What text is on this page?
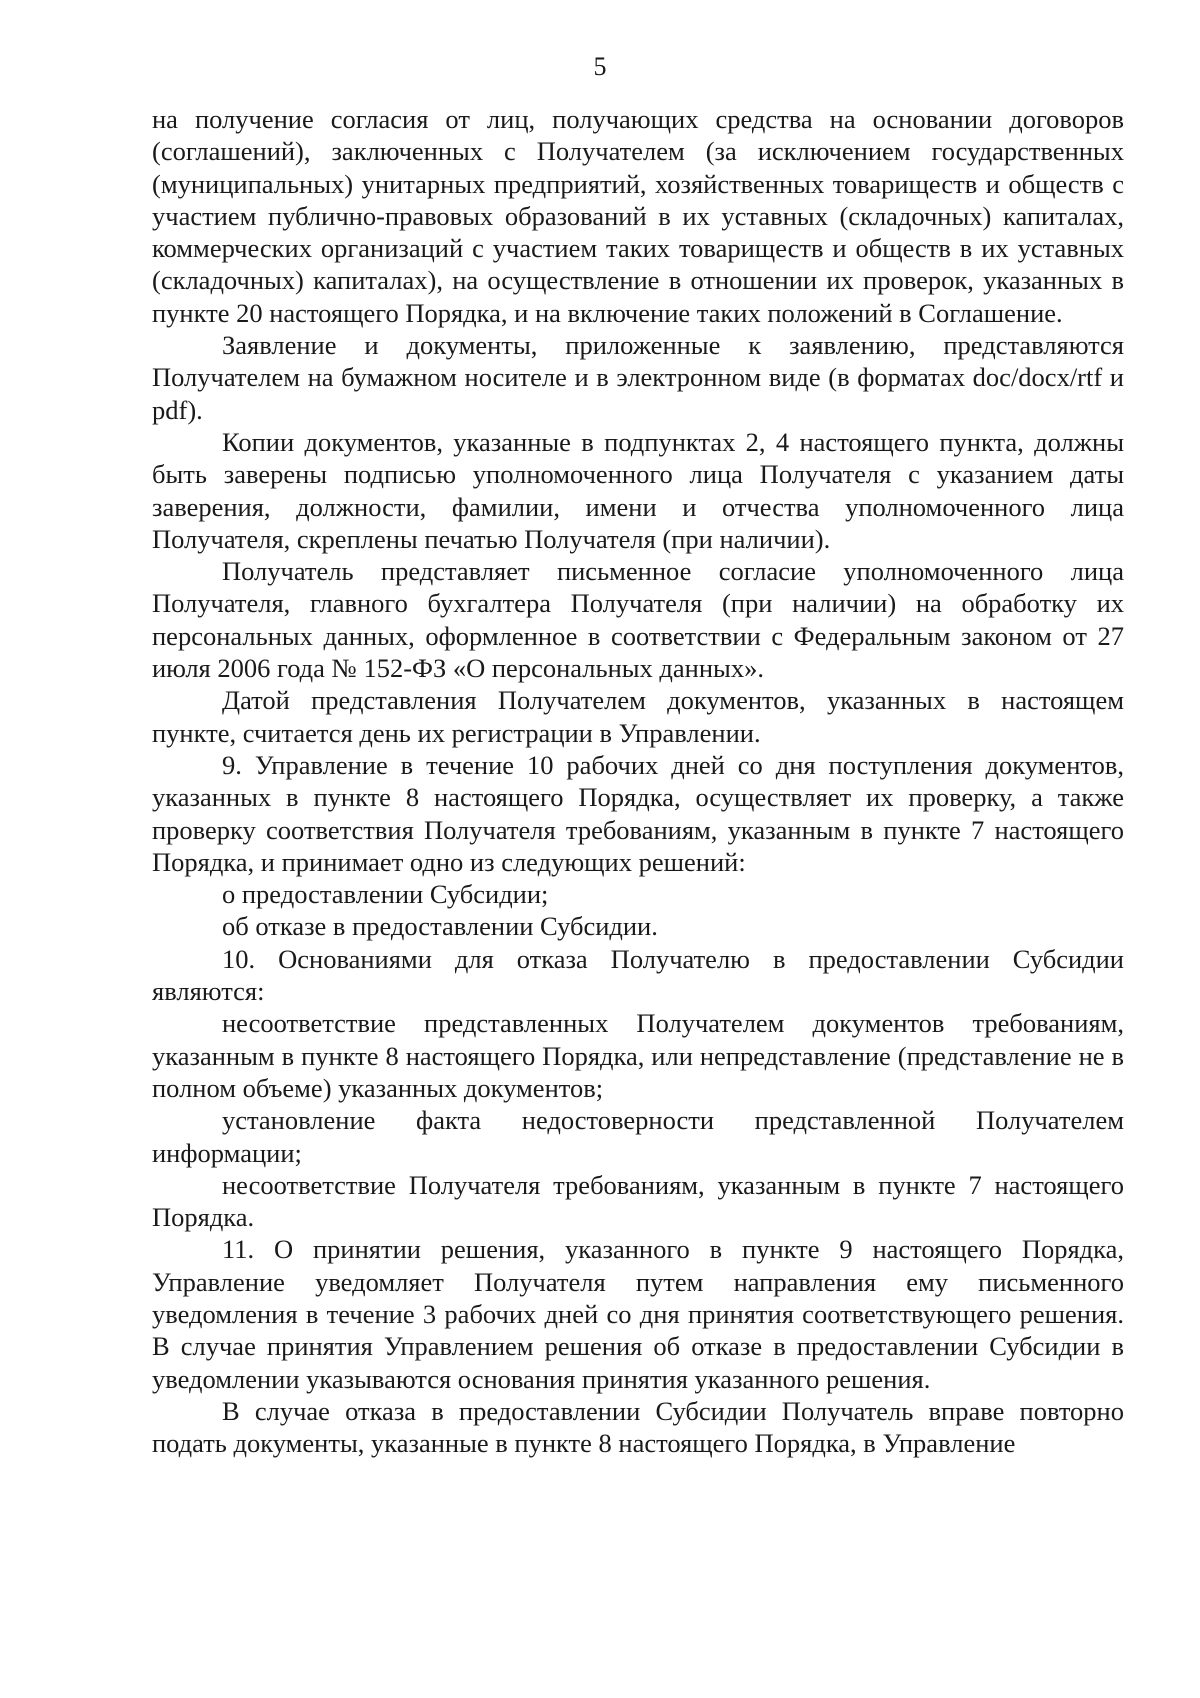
5

на получение согласия от лиц, получающих средства на основании договоров (соглашений), заключенных с Получателем (за исключением государственных (муниципальных) унитарных предприятий, хозяйственных товариществ и обществ с участием публично-правовых образований в их уставных (складочных) капиталах, коммерческих организаций с участием таких товариществ и обществ в их уставных (складочных) капиталах), на осуществление в отношении их проверок, указанных в пункте 20 настоящего Порядка, и на включение таких положений в Соглашение.

Заявление и документы, приложенные к заявлению, представляются Получателем на бумажном носителе и в электронном виде (в форматах doc/docx/rtf и pdf).

Копии документов, указанные в подпунктах 2, 4 настоящего пункта, должны быть заверены подписью уполномоченного лица Получателя с указанием даты заверения, должности, фамилии, имени и отчества уполномоченного лица Получателя, скреплены печатью Получателя (при наличии).

Получатель представляет письменное согласие уполномоченного лица Получателя, главного бухгалтера Получателя (при наличии) на обработку их персональных данных, оформленное в соответствии с Федеральным законом от 27 июля 2006 года № 152-ФЗ «О персональных данных».

Датой представления Получателем документов, указанных в настоящем пункте, считается день их регистрации в Управлении.

9. Управление в течение 10 рабочих дней со дня поступления документов, указанных в пункте 8 настоящего Порядка, осуществляет их проверку, а также проверку соответствия Получателя требованиям, указанным в пункте 7 настоящего Порядка, и принимает одно из следующих решений:

о предоставлении Субсидии;

об отказе в предоставлении Субсидии.

10. Основаниями для отказа Получателю в предоставлении Субсидии являются:

несоответствие представленных Получателем документов требованиям, указанным в пункте 8 настоящего Порядка, или непредставление (представление не в полном объеме) указанных документов;

установление факта недостоверности представленной Получателем информации;

несоответствие Получателя требованиям, указанным в пункте 7 настоящего Порядка.

11. О принятии решения, указанного в пункте 9 настоящего Порядка, Управление уведомляет Получателя путем направления ему письменного уведомления в течение 3 рабочих дней со дня принятия соответствующего решения. В случае принятия Управлением решения об отказе в предоставлении Субсидии в уведомлении указываются основания принятия указанного решения.

В случае отказа в предоставлении Субсидии Получатель вправе повторно подать документы, указанные в пункте 8 настоящего Порядка, в Управление
